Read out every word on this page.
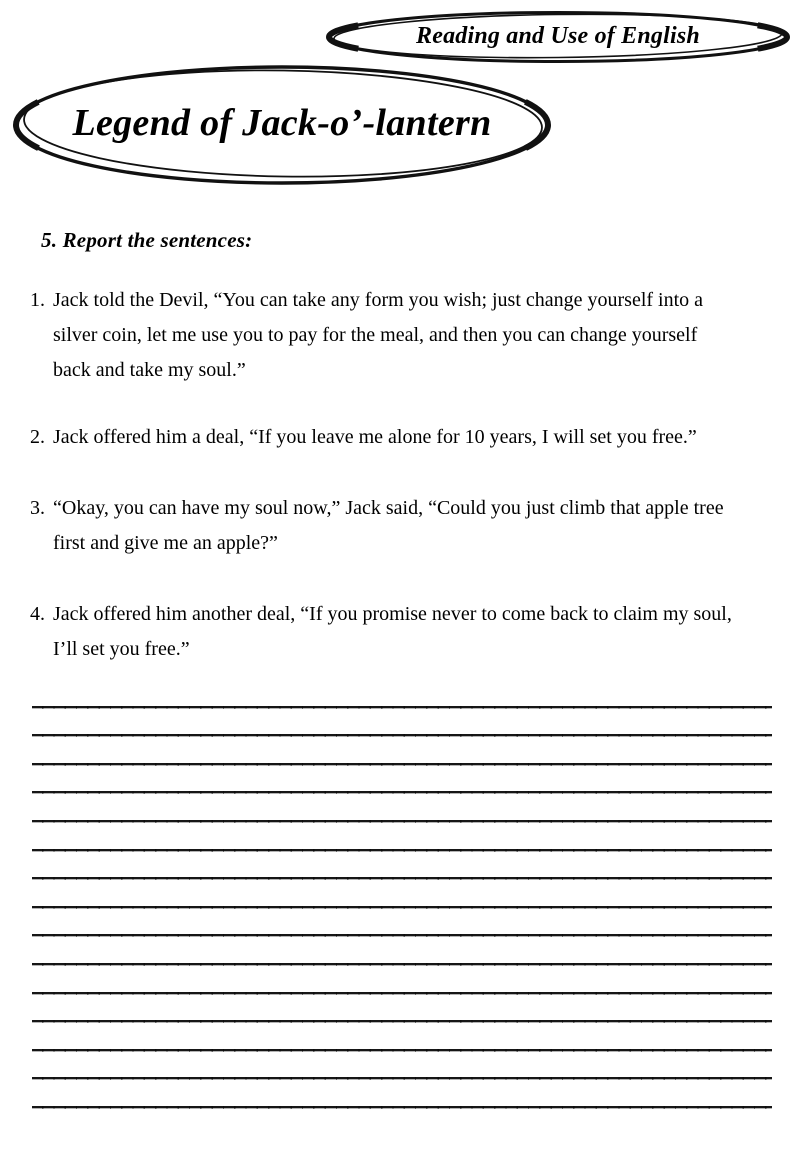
Reading and Use of English
Legend of Jack-o’-lantern
5. Report the sentences:
1. Jack told the Devil, “You can take any form you wish; just change yourself into a
silver coin, let me use you to pay for the meal, and then you can change yourself
back and take my soul.”
2. Jack offered him a deal, “If you leave me alone for 10 years, I will set you free.”
3. “Okay, you can have my soul now,” Jack said, “Could you just climb that apple tree
first and give me an apple?”
4. Jack offered him another deal, “If you promise never to come back to claim my soul,
I’ll set you free.”
